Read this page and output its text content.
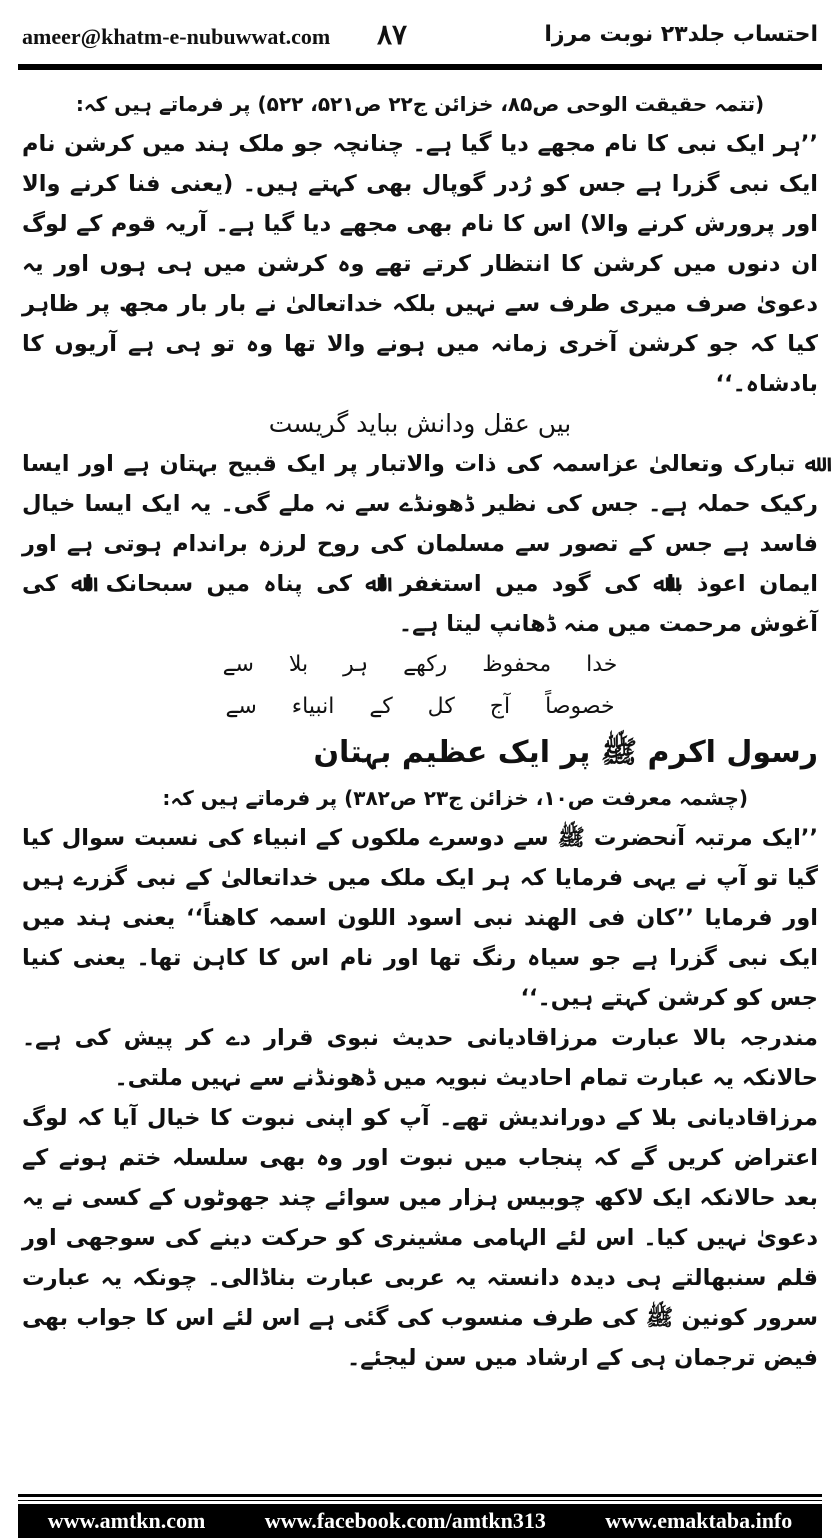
ameer@khatm-e-nubuwwat.com ۸۷	احتساب جلد۲۳ نوبت مرزا

(تتمہ حقیقت الوحی ص۸۵، خزائن ج۲۲ ص۵۲۱، ۵۲۲) پر فرماتے ہیں کہ:

’’ہر ایک نبی کا نام مجھے دیا گیا ہے۔ چنانچہ جو ملک ہند میں کرشن نام ایک نبی گزرا ہے جس کو رُدر گوپال بھی کہتے ہیں۔ (یعنی فنا کرنے والا اور پرورش کرنے والا) اس کا نام بھی مجھے دیا گیا ہے۔ آریہ قوم کے لوگ ان دنوں میں کرشن کا انتظار کرتے تھے وہ کرشن میں ہی ہوں اور یہ دعویٰ صرف میری طرف سے نہیں بلکہ خداتعالیٰ نے بار بار مجھ پر ظاہر کیا کہ جو کرشن آخری زمانہ میں ہونے والا تھا وہ تو ہی ہے آریوں کا بادشاہ۔‘‘

بیں عقل ودانش بباید گریست

ﷲ تبارک وتعالیٰ عزاسمہ کی ذات والاتبار پر ایک قبیح بہتان ہے اور ایسا رکیک حملہ ہے۔ جس کی نظیر ڈھونڈے سے نہ ملے گی۔ یہ ایک ایسا خیال فاسد ہے جس کے تصور سے مسلمان کی روح لرزہ براندام ہوتی ہے اور ایمان اعوذ باﷲ کی گود میں استغفر اﷲ کی پناہ میں سبحانک اﷲ کی آغوش مرحمت میں منہ ڈھانپ لیتا ہے۔

خدا محفوظ رکھے ہر بلا سے

خصوصاً آج کل کے انبیاء سے

رسول اکرم ﷺ پر ایک عظیم بہتان

(چشمہ معرفت ص۱۰، خزائن ج۲۳ ص۳۸۲) پر فرماتے ہیں کہ:

’’ایک مرتبہ آنحضرت ﷺ سے دوسرے ملکوں کے انبیاء کی نسبت سوال کیا گیا تو آپ نے یہی فرمایا کہ ہر ایک ملک میں خداتعالیٰ کے نبی گزرے ہیں اور فرمایا ’’کان فی الھند نبی اسود اللون اسمہ کاھناً‘‘ یعنی ہند میں ایک نبی گزرا ہے جو سیاہ رنگ تھا اور نام اس کا کاہن تھا۔ یعنی کنیا جس کو کرشن کہتے ہیں۔‘‘

مندرجہ بالا عبارت مرزاقادیانی حدیث نبوی قرار دے کر پیش کی ہے۔ حالانکہ یہ عبارت تمام احادیث نبویہ میں ڈھونڈنے سے نہیں ملتی۔

مرزاقادیانی بلا کے دوراندیش تھے۔ آپ کو اپنی نبوت کا خیال آیا کہ لوگ اعتراض کریں گے کہ پنجاب میں نبوت اور وہ بھی سلسلہ ختم ہونے کے بعد حالانکہ ایک لاکھ چوبیس ہزار میں سوائے چند جھوٹوں کے کسی نے یہ دعویٰ نہیں کیا۔ اس لئے الہامی مشینری کو حرکت دینے کی سوجھی اور قلم سنبھالتے ہی دیدہ دانستہ یہ عربی عبارت بناڈالی۔ چونکہ یہ عبارت سرور کونین ﷺ کی طرف منسوب کی گئی ہے اس لئے اس کا جواب بھی فیض ترجمان ہی کے ارشاد میں سن لیجئے۔

www.amtkn.com	www.facebook.com/amtkn313	www.emaktaba.info
